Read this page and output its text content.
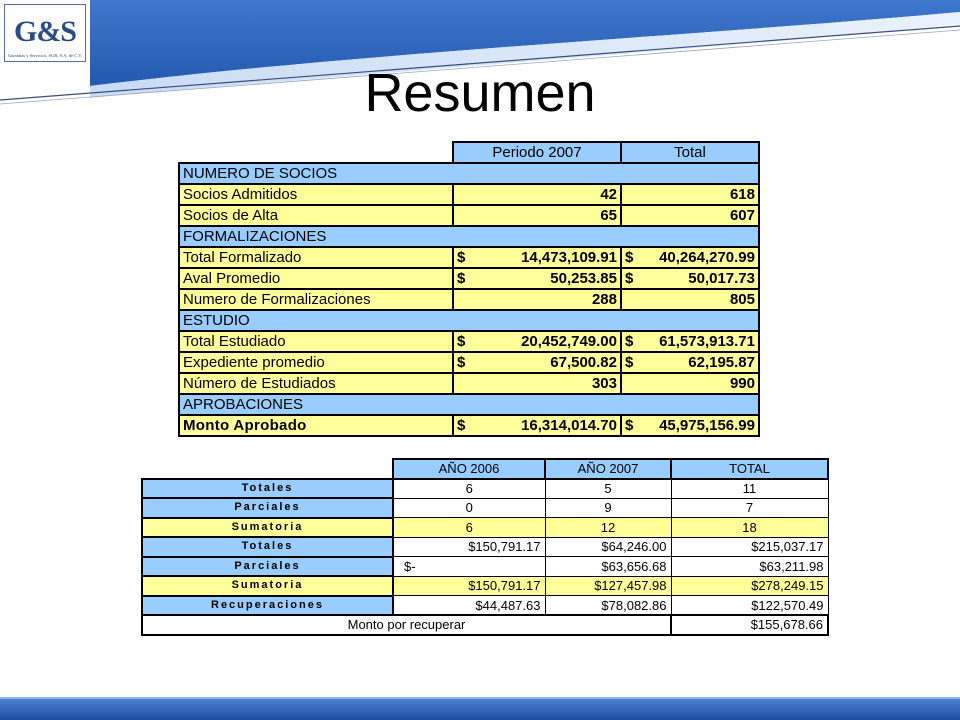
G&S
Garantías y Servicios, SGR, S.A. de C.V.
Resumen
	Periodo 2007	Total
NUMERO DE SOCIOS		
Socios Admitidos	42	618
Socios de Alta	65	607
FORMALIZACIONES		
Total Formalizado	$ 14,473,109.91	$ 40,264,270.99

Aval Promedio	$ 50,253.85	$ 50,017.73

Numero de Formalizaciones	288	805
ESTUDIO		
Total Estudiado	$ 20,452,749.00	$ 61,573,913.71

Expediente promedio	$ 67,500.82	$ 62,195.87

Número de Estudiados	303	990
APROBACIONES		
Monto Aprobado	$ 16,314,014.70	$ 45,975,156.99
	AÑO 2006	AÑO 2007	TOTAL
Totales	6	5	11
Parciales	0	9	7
Sumatoria	6	12	18
Totales	$150,791.17	$64,246.00	$215,037.17
Parciales	$-	$63,656.68	$63,211.98
Sumatoria	$150,791.17	$127,457.98	$278,249.15
Recuperaciones	$44,487.63	$78,082.86	$122,570.49
Monto por recuperar			$155,678.66
